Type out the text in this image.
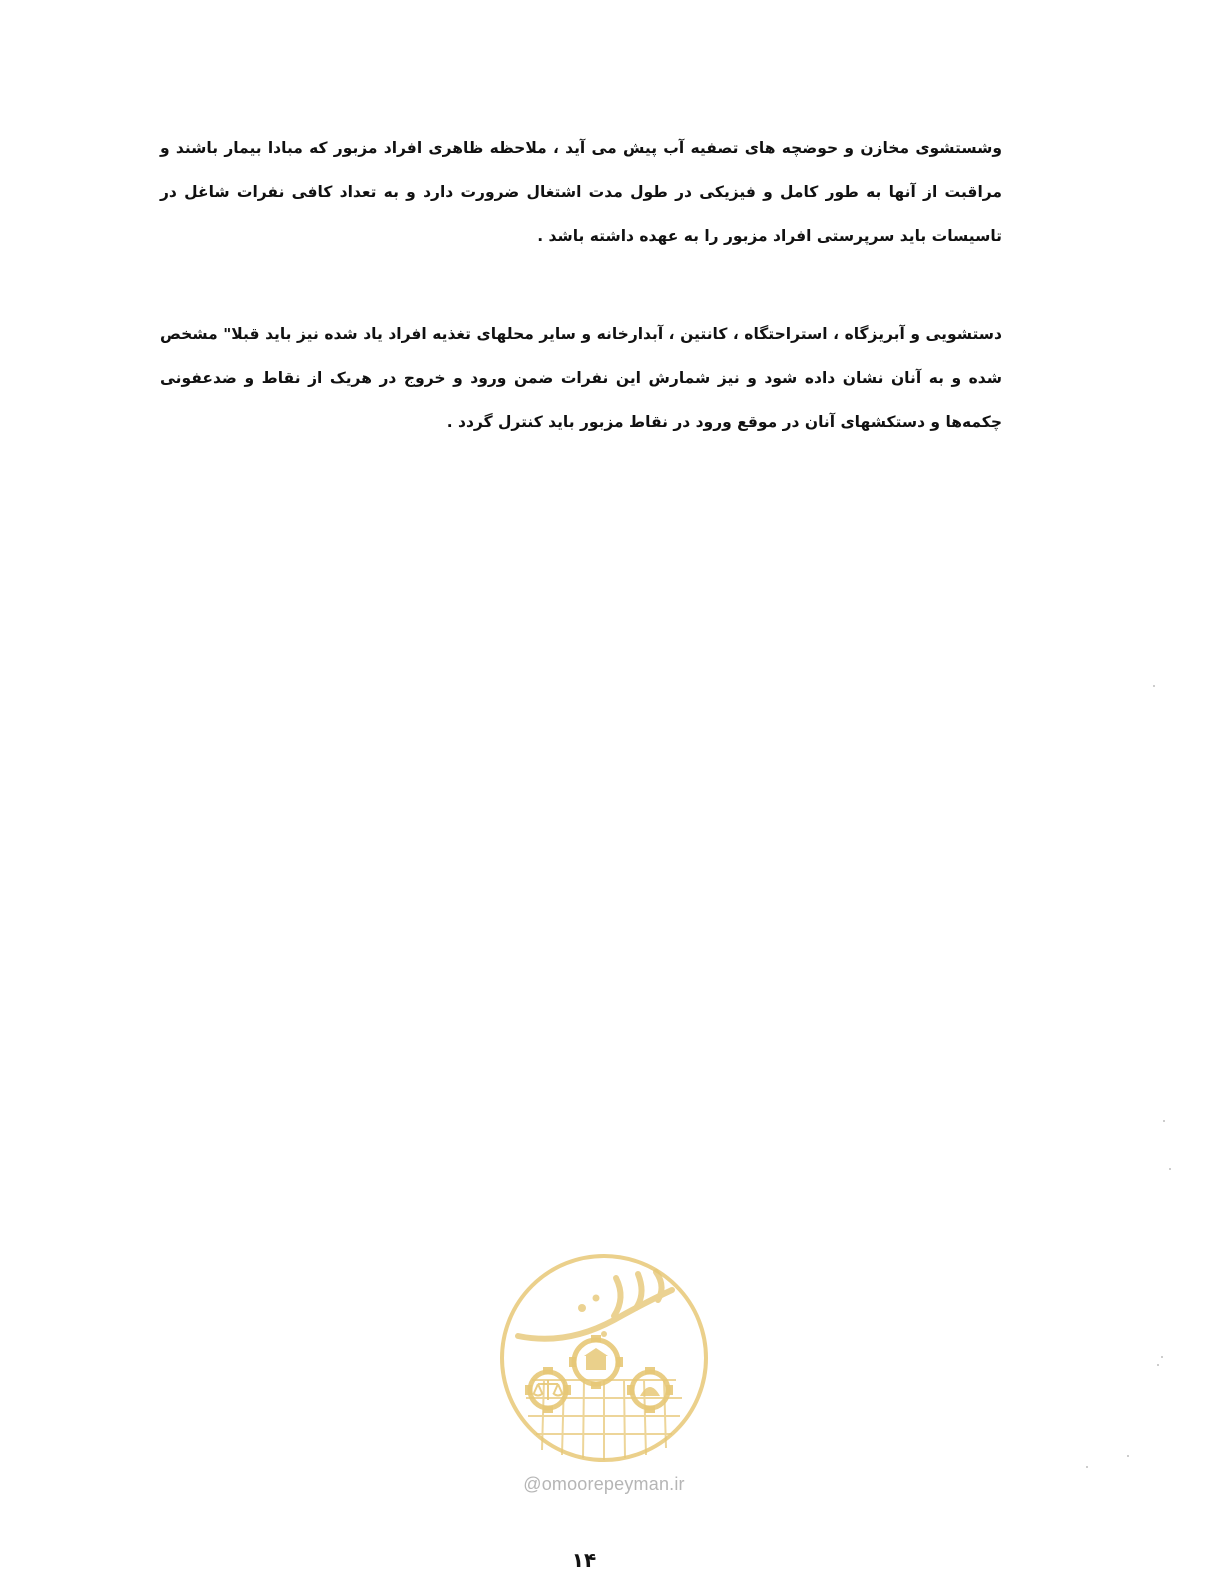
وشستشوی مخازن و حوضچه های تصفیه آب پیش می آید ، ملاحظه ظاهری افراد مزبور که مبادا بیمار باشند و مراقبت از آنها به طور کامل و فیزیکی در طول مدت اشتغال ضرورت دارد و به تعداد کافی نفرات شاغل در تاسیسات باید سرپرستی افراد مزبور را به عهده داشته باشد .

دستشویی و آبریزگاه ، استراحتگاه ، کانتین ، آبدارخانه و سایر محلهای تغذیه افراد یاد شده نیز باید قبلا" مشخص شده و به آنان نشان داده شود و نیز شمارش این نفرات ضمن ورود و خروج در هریک از نقاط و ضدعفونی چکمه‌ها و دستکشهای آنان در موقع ورود در نقاط مزبور باید کنترل گردد .

@omoorepeyman.ir
۱۴
